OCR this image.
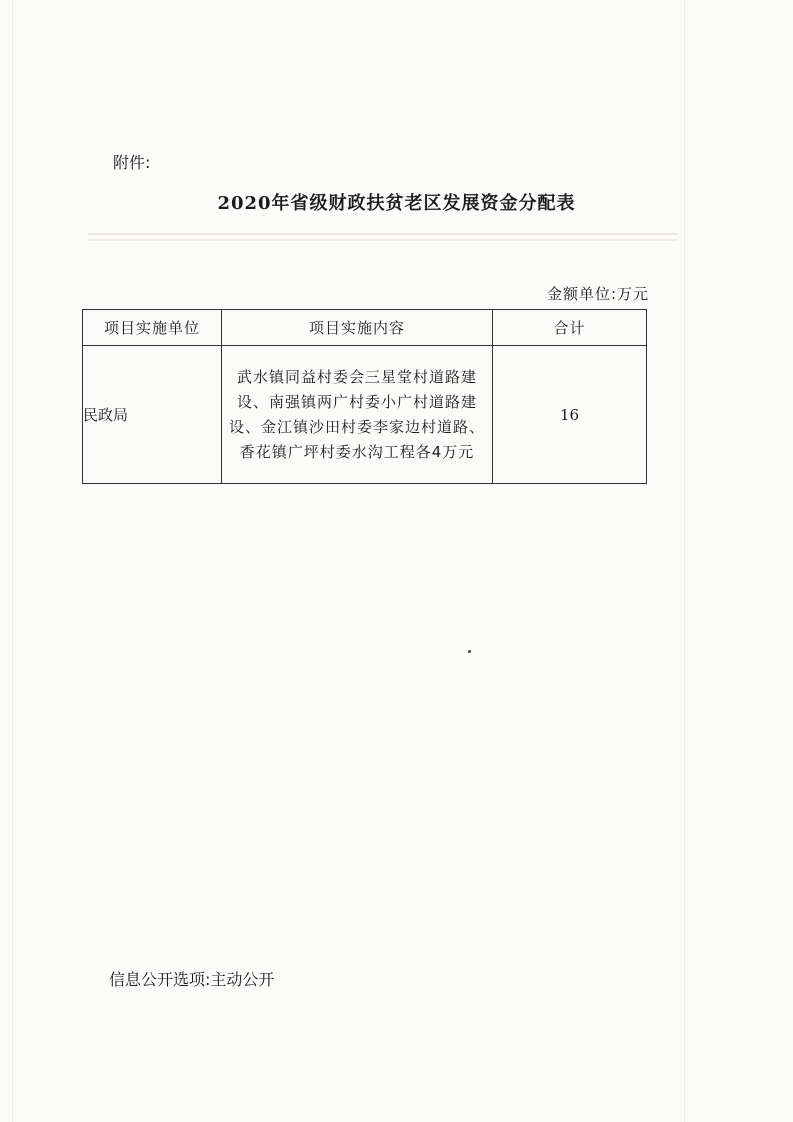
附件:
2020年省级财政扶贫老区发展资金分配表
金额单位:万元
项目实施单位	项目实施内容	合计
民政局	武水镇同益村委会三星堂村道路建设、南强镇两广村委小广村道路建设、金江镇沙田村委李家边村道路、香花镇广坪村委水沟工程各4万元	16
信息公开选项:主动公开
